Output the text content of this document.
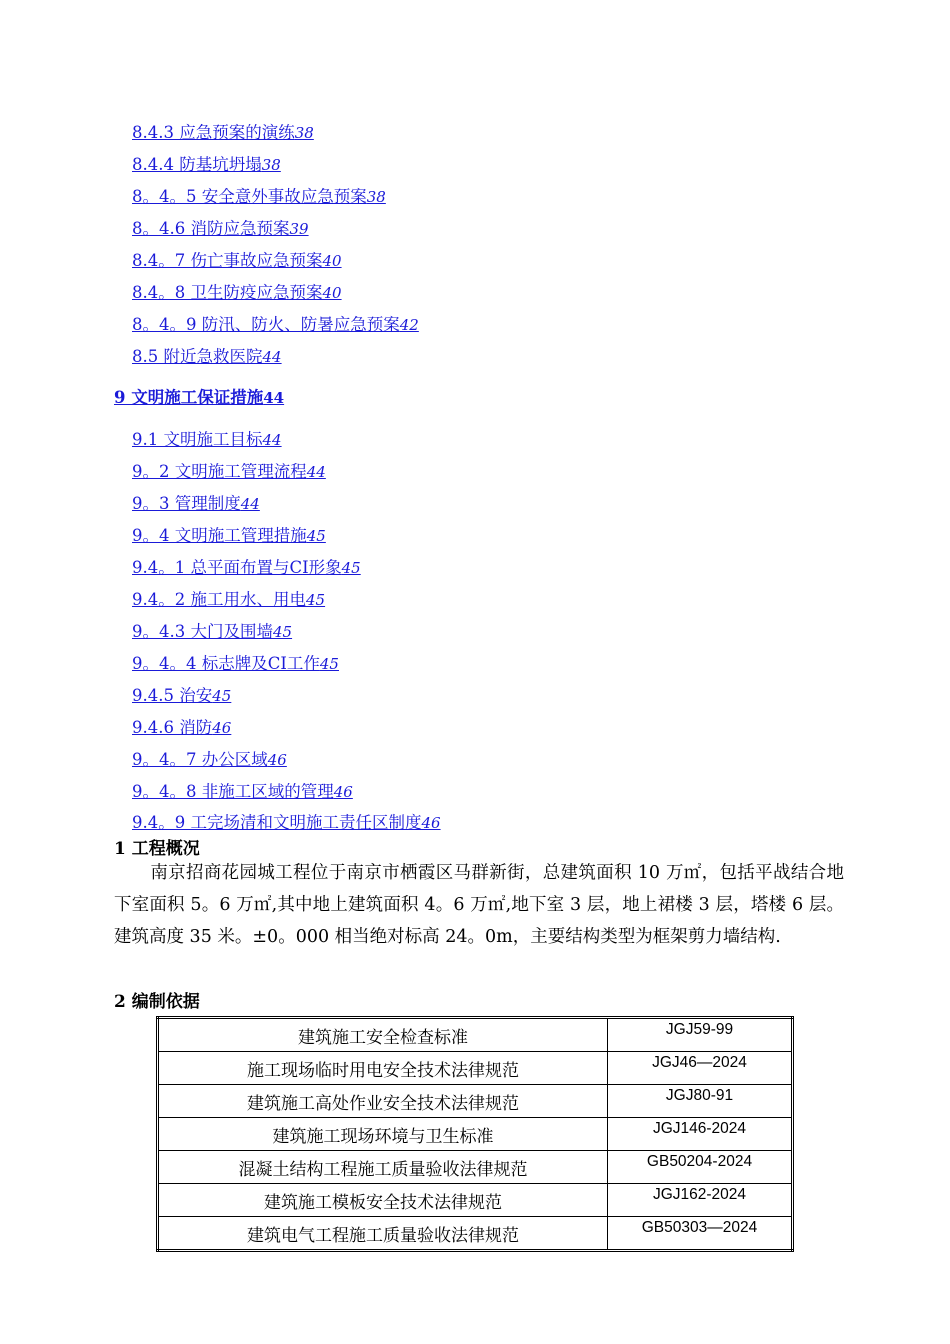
8.4.3 应急预案的演练38
8.4.4 防基坑坍塌38
8。4。5 安全意外事故应急预案38
8。4.6 消防应急预案39
8.4。7 伤亡事故应急预案40
8.4。8 卫生防疫应急预案40
8。4。9 防汛、防火、防暑应急预案42
8.5 附近急救医院44
9 文明施工保证措施44
9.1 文明施工目标44
9。2 文明施工管理流程44
9。3 管理制度44
9。4 文明施工管理措施45
9.4。1 总平面布置与CI形象45
9.4。2 施工用水、用电45
9。4.3 大门及围墙45
9。4。4 标志牌及CI工作45
9.4.5 治安45
9.4.6 消防46
9。4。7 办公区域46
9。4。8 非施工区域的管理46
9.4。9 工完场清和文明施工责任区制度46
1 工程概况
南京招商花园城工程位于南京市栖霞区马群新街，总建筑面积 10 万㎡，包括平战结合地下室面积 5。6 万㎡,其中地上建筑面积 4。6 万㎡,地下室 3 层，地上裙楼 3 层，塔楼 6 层。建筑高度 35 米。±0。000 相当绝对标高 24。0m，主要结构类型为框架剪力墙结构.
2 编制依据
建筑施工安全检查标准	JGJ59-99
施工现场临时用电安全技术法律规范	JGJ46—2024
建筑施工高处作业安全技术法律规范	JGJ80-91
建筑施工现场环境与卫生标准	JGJ146-2024
混凝土结构工程施工质量验收法律规范	GB50204-2024
建筑施工模板安全技术法律规范	JGJ162-2024
建筑电气工程施工质量验收法律规范	GB50303—2024
